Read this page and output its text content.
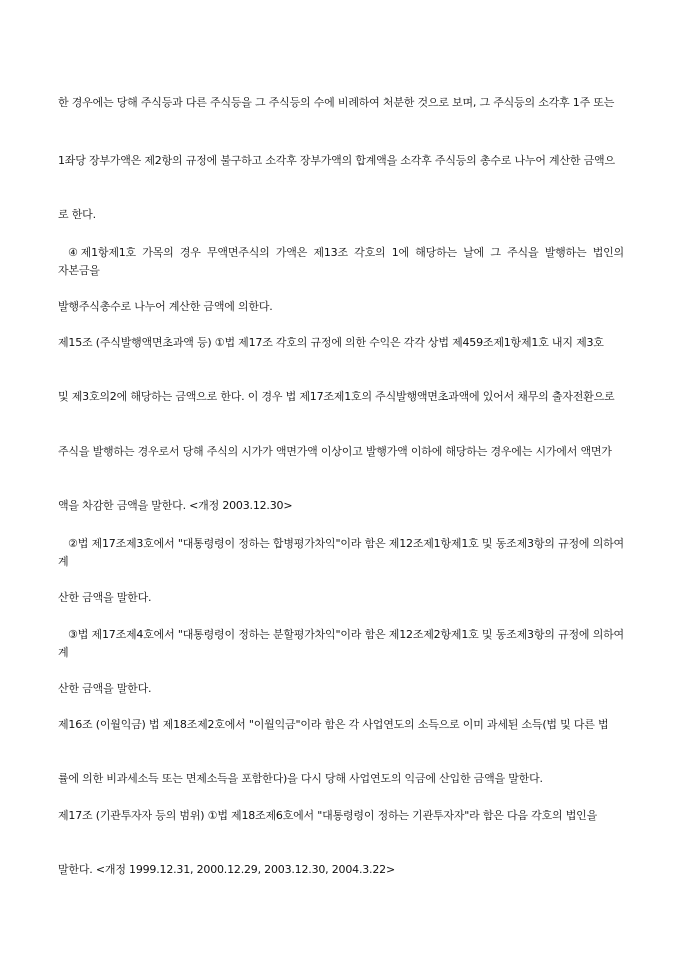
한 경우에는 당해 주식등과 다른 주식등을 그 주식등의 수에 비례하여 처분한 것으로 보며, 그 주식등의 소각후 1주 또는
1좌당 장부가액은 제2항의 규정에 불구하고 소각후 장부가액의 합계액을 소각후 주식등의 총수로 나누어 계산한 금액으
로 한다.
④제1항제1호 가목의 경우 무액면주식의 가액은 제13조 각호의 1에 해당하는 날에 그 주식을 발행하는 법인의 자본금을
발행주식총수로 나누어 계산한 금액에 의한다.
제15조 (주식발행액면초과액 등) ①법 제17조 각호의 규정에 의한 수익은 각각 상법 제459조제1항제1호 내지 제3호
및 제3호의2에 해당하는 금액으로 한다. 이 경우 법 제17조제1호의 주식발행액면초과액에 있어서 채무의 출자전환으로
주식을 발행하는 경우로서 당해 주식의 시가가 액면가액 이상이고 발행가액 이하에 해당하는 경우에는 시가에서 액면가
액을 차감한 금액을 말한다. <개정 2003.12.30>
②법 제17조제3호에서 "대통령령이 정하는 합병평가차익"이라 함은 제12조제1항제1호 및 동조제3항의 규정에 의하여 계
산한 금액을 말한다.
③법 제17조제4호에서 "대통령령이 정하는 분할평가차익"이라 함은 제12조제2항제1호 및 동조제3항의 규정에 의하여 계
산한 금액을 말한다.
제16조 (이월익금) 법 제18조제2호에서 "이월익금"이라 함은 각 사업연도의 소득으로 이미 과세된 소득(법 및 다른 법
률에 의한 비과세소득 또는 면제소득을 포함한다)을 다시 당해 사업연도의 익금에 산입한 금액을 말한다.
제17조 (기관투자자 등의 범위) ①법 제18조제6호에서 "대통령령이 정하는 기관투자자"라 함은 다음 각호의 법인을
말한다. <개정 1999.12.31, 2000.12.29, 2003.12.30, 2004.3.22>
